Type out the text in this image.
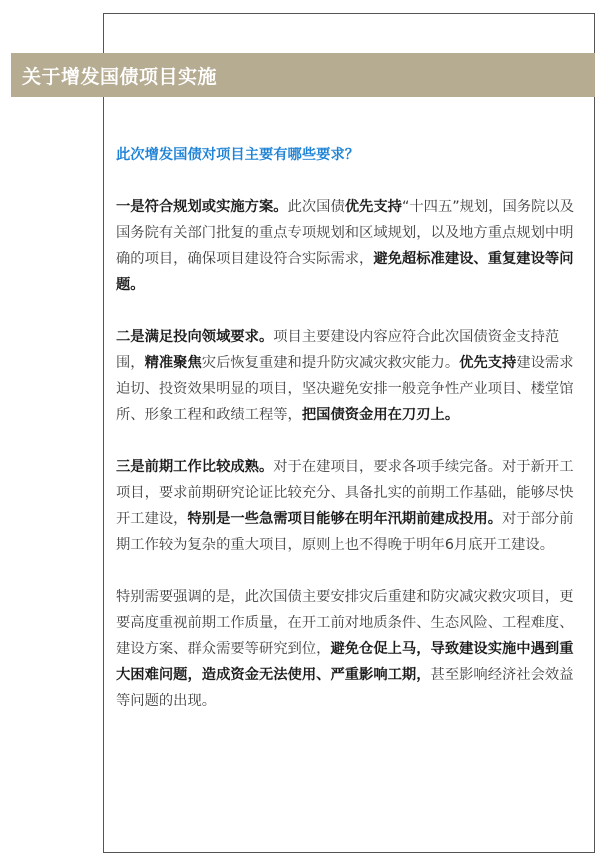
关于增发国债项目实施

此次增发国债对项目主要有哪些要求？

一是符合规划或实施方案。此次国债优先支持“十四五”规划，国务院以及国务院有关部门批复的重点专项规划和区域规划，以及地方重点规划中明确的项目，确保项目建设符合实际需求，避免超标准建设、重复建设等问题。

二是满足投向领域要求。项目主要建设内容应符合此次国债资金支持范围，精准聚焦灾后恢复重建和提升防灾减灾救灾能力。优先支持建设需求迫切、投资效果明显的项目，坚决避免安排一般竞争性产业项目、楼堂馆所、形象工程和政绩工程等，把国债资金用在刀刃上。

三是前期工作比较成熟。对于在建项目，要求各项手续完备。对于新开工项目，要求前期研究论证比较充分、具备扎实的前期工作基础，能够尽快开工建设，特别是一些急需项目能够在明年汛期前建成投用。对于部分前期工作较为复杂的重大项目，原则上也不得晚于明年6月底开工建设。

特别需要强调的是，此次国债主要安排灾后重建和防灾减灾救灾项目，更要高度重视前期工作质量，在开工前对地质条件、生态风险、工程难度、建设方案、群众需要等研究到位，避免仓促上马，导致建设实施中遇到重大困难问题，造成资金无法使用、严重影响工期，甚至影响经济社会效益等问题的出现。
